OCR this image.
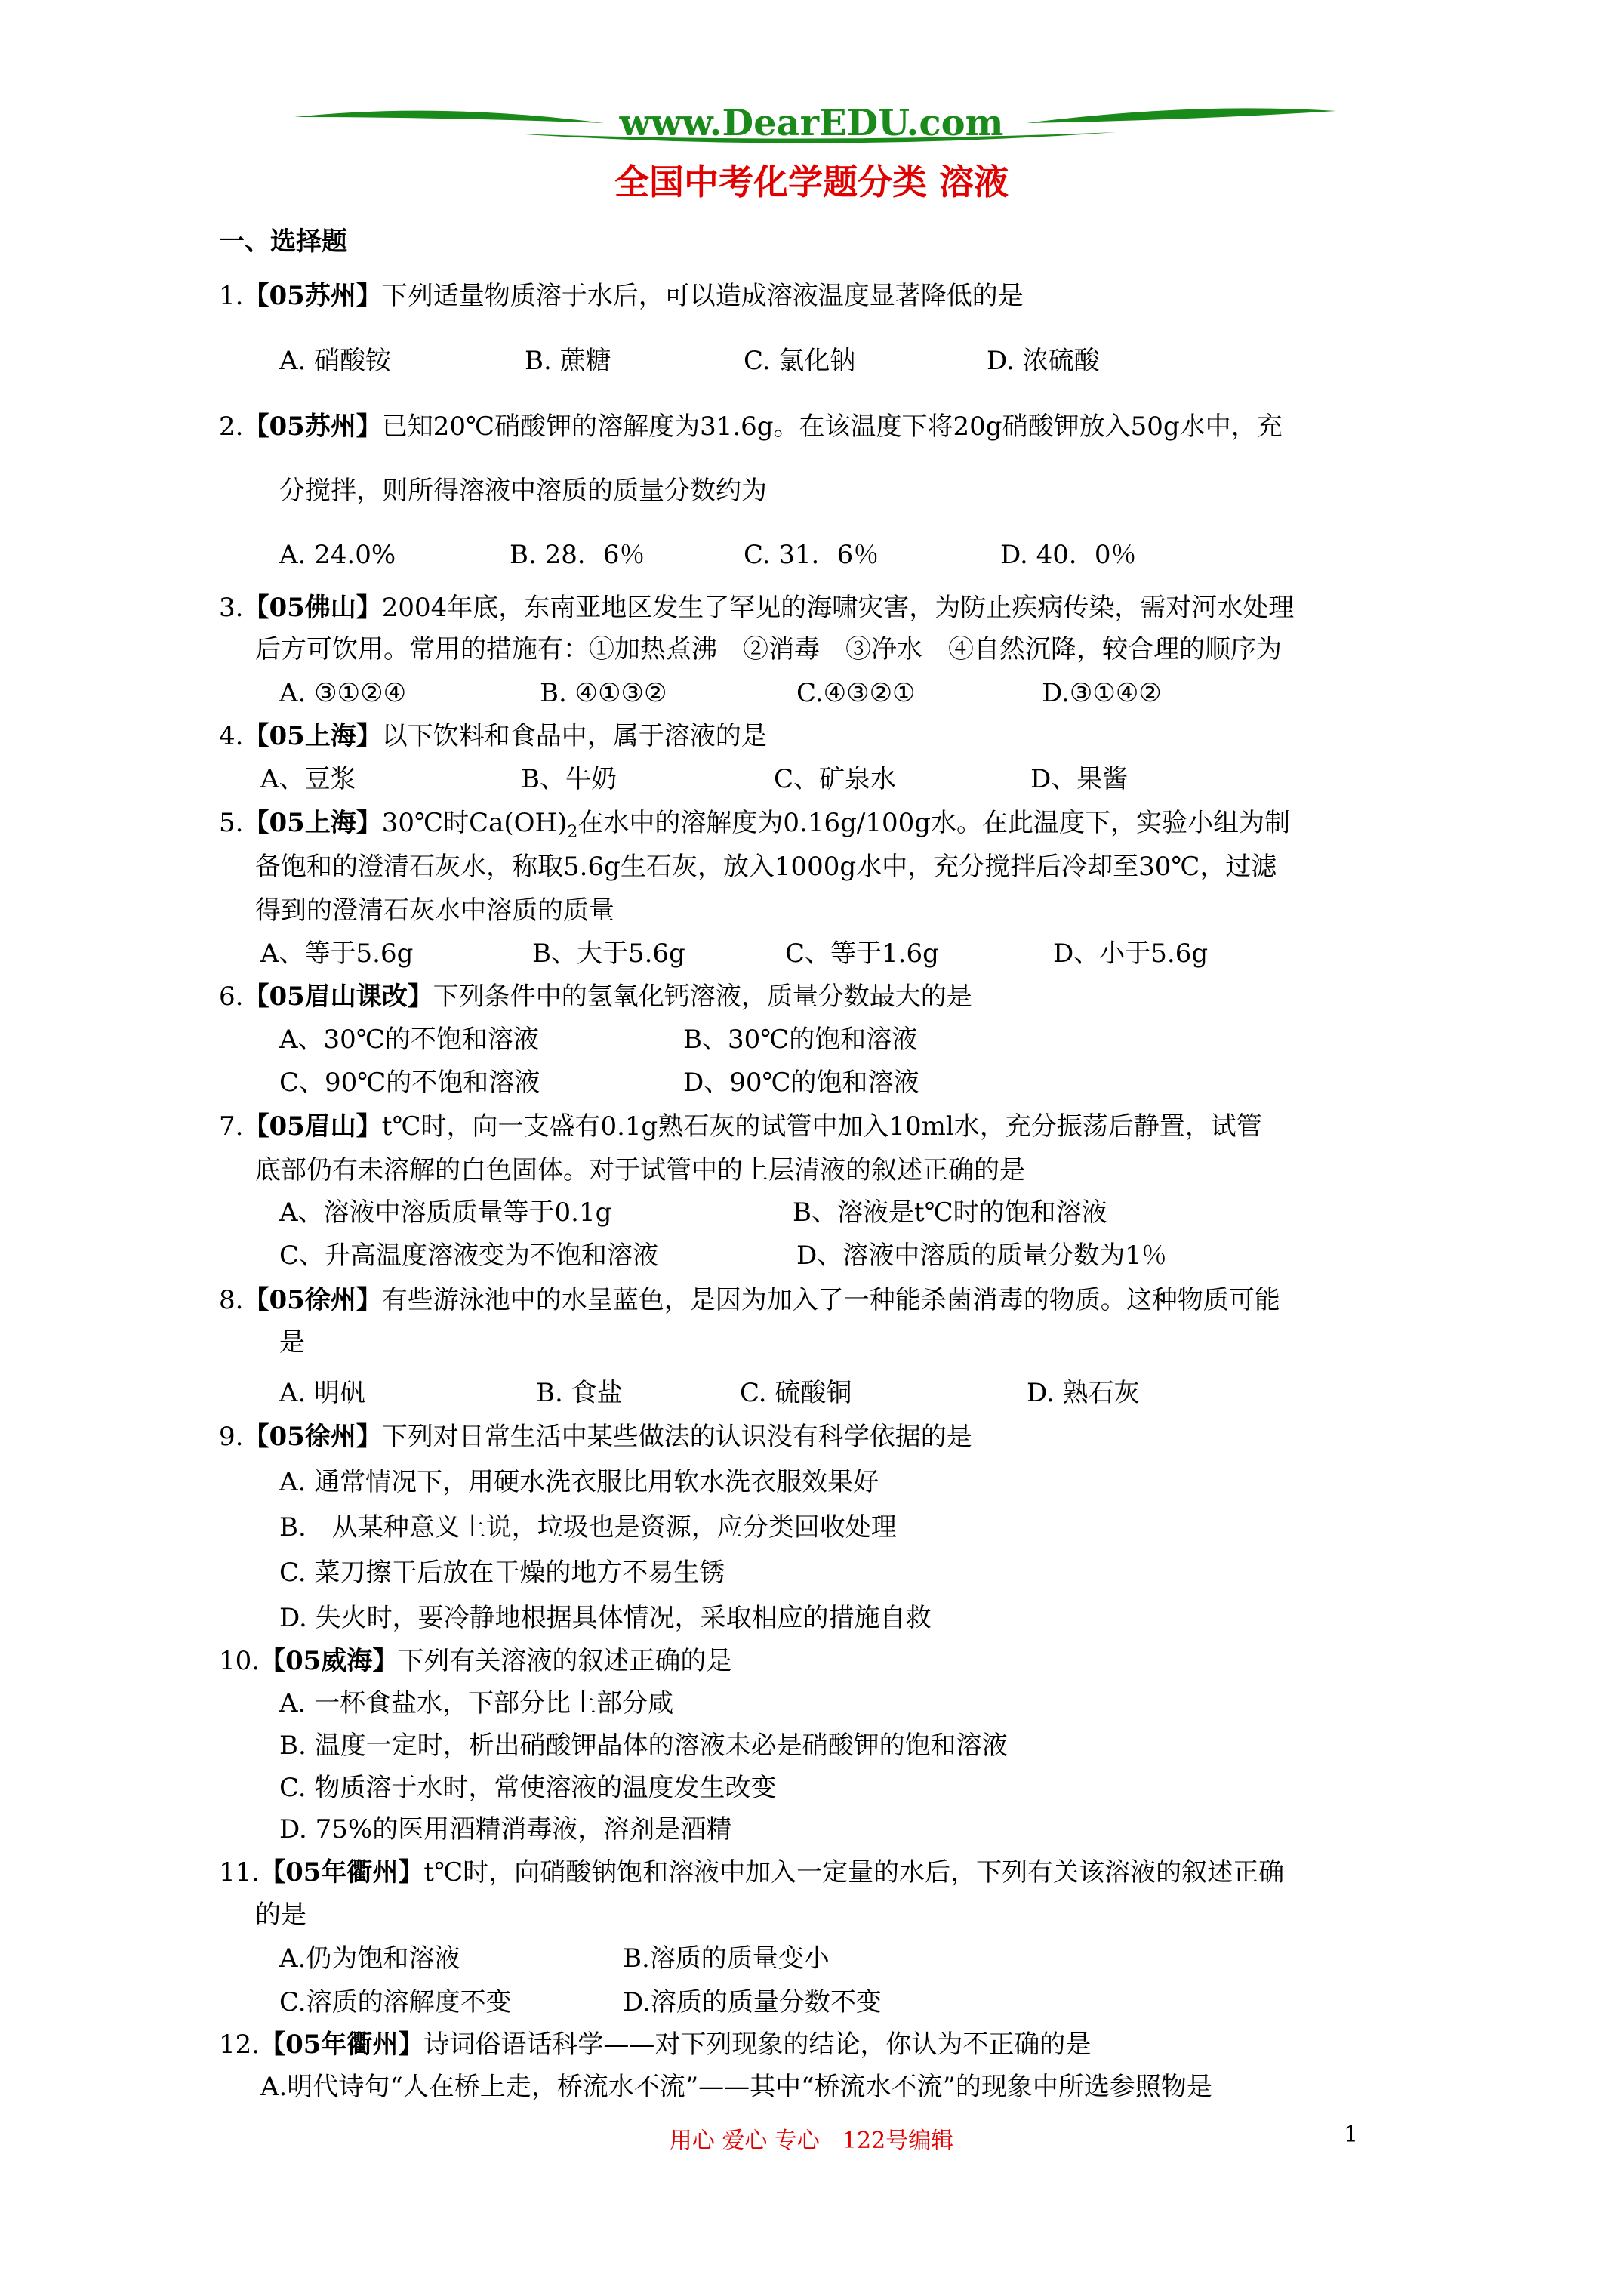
www.DearEDU.com
全国中考化学题分类 溶液
一、选择题
1.【05苏州】下列适量物质溶于水后，可以造成溶液温度显著降低的是
A. 硝酸铵	B. 蔗糖	C. 氯化钠	D. 浓硫酸
2.【05苏州】已知20℃硝酸钾的溶解度为31.6g。在该温度下将20g硝酸钾放入50g水中，充
分搅拌，则所得溶液中溶质的质量分数约为
A. 24.0%	B. 28．6％	C. 31．6％	D. 40．0％
3.【05佛山】2004年底，东南亚地区发生了罕见的海啸灾害，为防止疾病传染，需对河水处理
后方可饮用。常用的措施有：①加热煮沸　②消毒　③净水　④自然沉降，较合理的顺序为
A. ③①②④	B. ④①③②	C.④③②①	D.③①④②
4.【05上海】以下饮料和食品中，属于溶液的是
A、豆浆	B、牛奶	C、矿泉水	D、果酱
5.【05上海】30℃时$Ca(OH)_2$在水中的溶解度为0.16g/100g水。在此温度下，实验小组为制
备饱和的澄清石灰水，称取5.6g生石灰，放入1000g水中，充分搅拌后冷却至30℃，过滤
得到的澄清石灰水中溶质的质量
A、等于5.6g	B、大于5.6g	C、等于1.6g	D、小于5.6g
6.【05眉山课改】下列条件中的氢氧化钙溶液，质量分数最大的是
A、30℃的不饱和溶液	B、30℃的饱和溶液
C、90℃的不饱和溶液	D、90℃的饱和溶液
7.【05眉山】t℃时，向一支盛有0.1g熟石灰的试管中加入10ml水，充分振荡后静置，试管
底部仍有未溶解的白色固体。对于试管中的上层清液的叙述正确的是
A、溶液中溶质质量等于0.1g	B、溶液是t℃时的饱和溶液
C、升高温度溶液变为不饱和溶液	D、溶液中溶质的质量分数为1％
8.【05徐州】有些游泳池中的水呈蓝色，是因为加入了一种能杀菌消毒的物质。这种物质可能
是
A. 明矾	B. 食盐	C. 硫酸铜	D. 熟石灰
9.【05徐州】下列对日常生活中某些做法的认识没有科学依据的是
A. 通常情况下，用硬水洗衣服比用软水洗衣服效果好
B.　从某种意义上说，垃圾也是资源，应分类回收处理
C. 菜刀擦干后放在干燥的地方不易生锈
D. 失火时，要冷静地根据具体情况，采取相应的措施自救
10.【05威海】下列有关溶液的叙述正确的是
A. 一杯食盐水，下部分比上部分咸
B. 温度一定时，析出硝酸钾晶体的溶液未必是硝酸钾的饱和溶液
C. 物质溶于水时，常使溶液的温度发生改变
D. 75%的医用酒精消毒液，溶剂是酒精
11.【05年衢州】t℃时，向硝酸钠饱和溶液中加入一定量的水后，下列有关该溶液的叙述正确
的是
A.仍为饱和溶液	B.溶质的质量变小
C.溶质的溶解度不变	D.溶质的质量分数不变
12.【05年衢州】诗词俗语话科学——对下列现象的结论，你认为不正确的是
A.明代诗句“人在桥上走，桥流水不流”——其中“桥流水不流”的现象中所选参照物是
用心 爱心 专心　122号编辑	1
